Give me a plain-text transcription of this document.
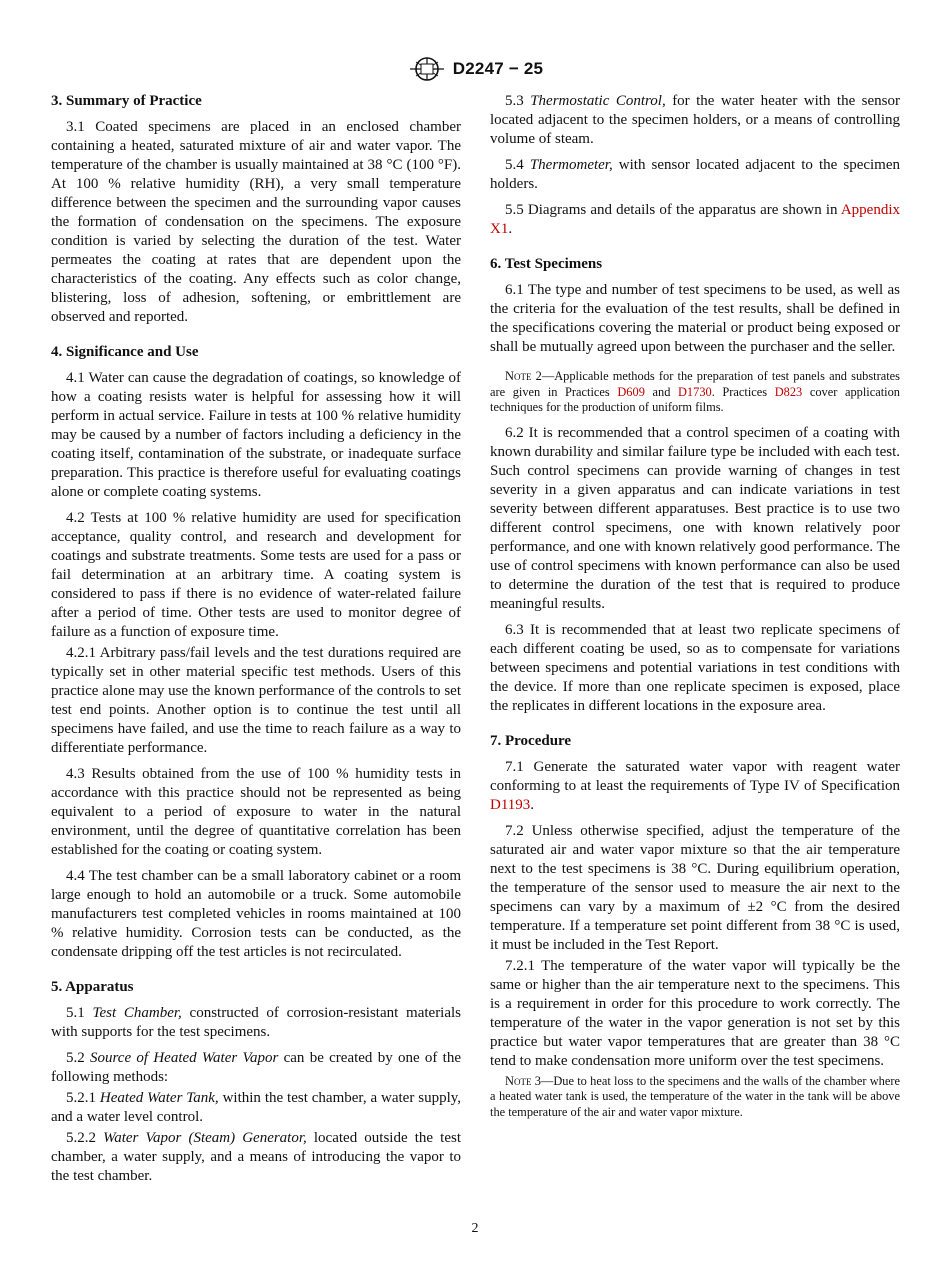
D2247 − 25
3. Summary of Practice

3.1 Coated specimens are placed in an enclosed chamber containing a heated, saturated mixture of air and water vapor. The temperature of the chamber is usually maintained at 38 °C (100 °F). At 100 % relative humidity (RH), a very small temperature difference between the specimen and the surrounding vapor causes the formation of condensation on the specimens. The exposure condition is varied by selecting the duration of the test. Water permeates the coating at rates that are dependent upon the characteristics of the coating. Any effects such as color change, blistering, loss of adhesion, softening, or embrittlement are observed and reported.

4. Significance and Use

4.1 Water can cause the degradation of coatings, so knowledge of how a coating resists water is helpful for assessing how it will perform in actual service. Failure in tests at 100 % relative humidity may be caused by a number of factors including a deficiency in the coating itself, contamination of the substrate, or inadequate surface preparation. This practice is therefore useful for evaluating coatings alone or complete coating systems.

4.2 Tests at 100 % relative humidity are used for specification acceptance, quality control, and research and development for coatings and substrate treatments. Some tests are used for a pass or fail determination at an arbitrary time. A coating system is considered to pass if there is no evidence of water-related failure after a period of time. Other tests are used to monitor degree of failure as a function of exposure time.

4.2.1 Arbitrary pass/fail levels and the test durations required are typically set in other material specific test methods. Users of this practice alone may use the known performance of the controls to set test end points. Another option is to continue the test until all specimens have failed, and use the time to reach failure as a way to differentiate performance.

4.3 Results obtained from the use of 100 % humidity tests in accordance with this practice should not be represented as being equivalent to a period of exposure to water in the natural environment, until the degree of quantitative correlation has been established for the coating or coating system.

4.4 The test chamber can be a small laboratory cabinet or a room large enough to hold an automobile or a truck. Some automobile manufacturers test completed vehicles in rooms maintained at 100 % relative humidity. Corrosion tests can be conducted, as the condensate dripping off the test articles is not recirculated.

5. Apparatus

5.1 Test Chamber, constructed of corrosion-resistant materials with supports for the test specimens.

5.2 Source of Heated Water Vapor can be created by one of the following methods:

5.2.1 Heated Water Tank, within the test chamber, a water supply, and a water level control.

5.2.2 Water Vapor (Steam) Generator, located outside the test chamber, a water supply, and a means of introducing the vapor to the test chamber.

5.3 Thermostatic Control, for the water heater with the sensor located adjacent to the specimen holders, or a means of controlling volume of steam.

5.4 Thermometer, with sensor located adjacent to the specimen holders.

5.5 Diagrams and details of the apparatus are shown in Appendix X1.

6. Test Specimens

6.1 The type and number of test specimens to be used, as well as the criteria for the evaluation of the test results, shall be defined in the specifications covering the material or product being exposed or shall be mutually agreed upon between the purchaser and the seller.

Note 2—Applicable methods for the preparation of test panels and substrates are given in Practices D609 and D1730. Practices D823 cover application techniques for the production of uniform films.

6.2 It is recommended that a control specimen of a coating with known durability and similar failure type be included with each test. Such control specimens can provide warning of changes in test severity in a given apparatus and can indicate variations in test severity between different apparatuses. Best practice is to use two different control specimens, one with known relatively poor performance, and one with known relatively good performance. The use of control specimens with known performance can also be used to determine the duration of the test that is required to produce meaningful results.

6.3 It is recommended that at least two replicate specimens of each different coating be used, so as to compensate for variations between specimens and potential variations in test conditions with the device. If more than one replicate specimen is exposed, place the replicates in different locations in the exposure area.

7. Procedure

7.1 Generate the saturated water vapor with reagent water conforming to at least the requirements of Type IV of Specification D1193.

7.2 Unless otherwise specified, adjust the temperature of the saturated air and water vapor mixture so that the air temperature next to the test specimens is 38 °C. During equilibrium operation, the temperature of the sensor used to measure the air next to the specimens can vary by a maximum of ±2 °C from the desired temperature. If a temperature set point different from 38 °C is used, it must be included in the Test Report.

7.2.1 The temperature of the water vapor will typically be the same or higher than the air temperature next to the specimens. This is a requirement in order for this procedure to work correctly. The temperature of the water in the vapor generation is not set by this practice but water vapor temperatures that are greater than 38 °C tend to make condensation more uniform over the test specimens.

Note 3—Due to heat loss to the specimens and the walls of the chamber where a heated water tank is used, the temperature of the water in the tank will be above the temperature of the air and water vapor mixture.
2
